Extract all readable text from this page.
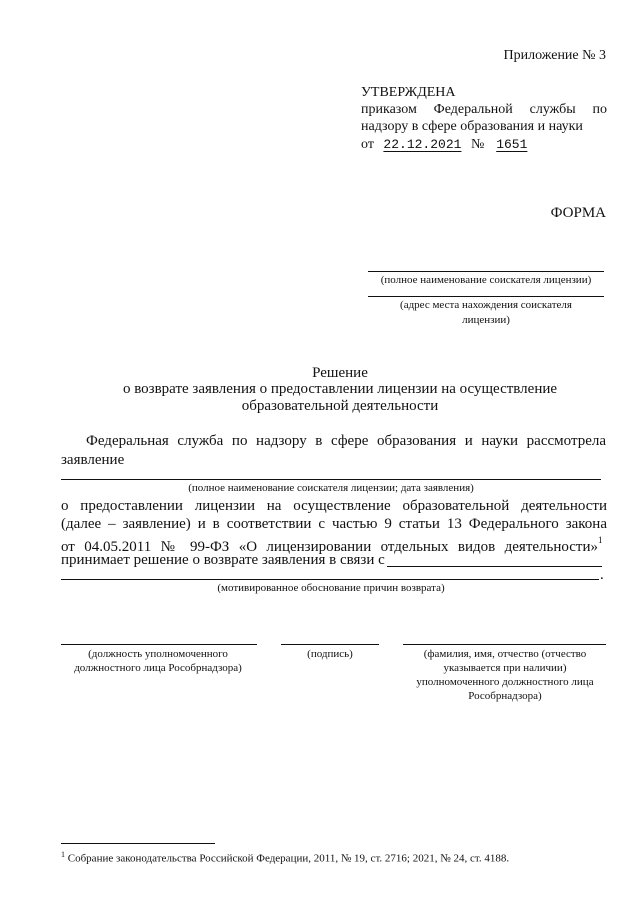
Приложение № 3
УТВЕРЖДЕНА
приказом Федеральной службы по
надзору в сфере образования и науки
от 22.12.2021 № 1651
ФОРМА
(полное наименование соискателя лицензии)
(адрес места нахождения соискателя
лицензии)
Решение
о возврате заявления о предоставлении лицензии на осуществление
образовательной деятельности
Федеральная служба по надзору в сфере образования и науки рассмотрела
заявление
(полное наименование соискателя лицензии; дата заявления)
о предоставлении лицензии на осуществление образовательной деятельности
(далее – заявление) и в соответствии с частью 9 статьи 13 Федерального закона
от 04.05.2011 № 99-ФЗ «О лицензировании отдельных видов деятельности»$^1$
принимает решение о возврате заявления в связи с
.
(мотивированное обоснование причин возврата)
(должность уполномоченного
должностного лица Рособрнадзора)
(подпись)	(фамилия, имя, отчество (отчество
указывается при наличии)
уполномоченного должностного лица
Рособрнадзора)
$^1$ Собрание законодательства Российской Федерации, 2011, № 19, ст. 2716; 2021, № 24, ст. 4188.
